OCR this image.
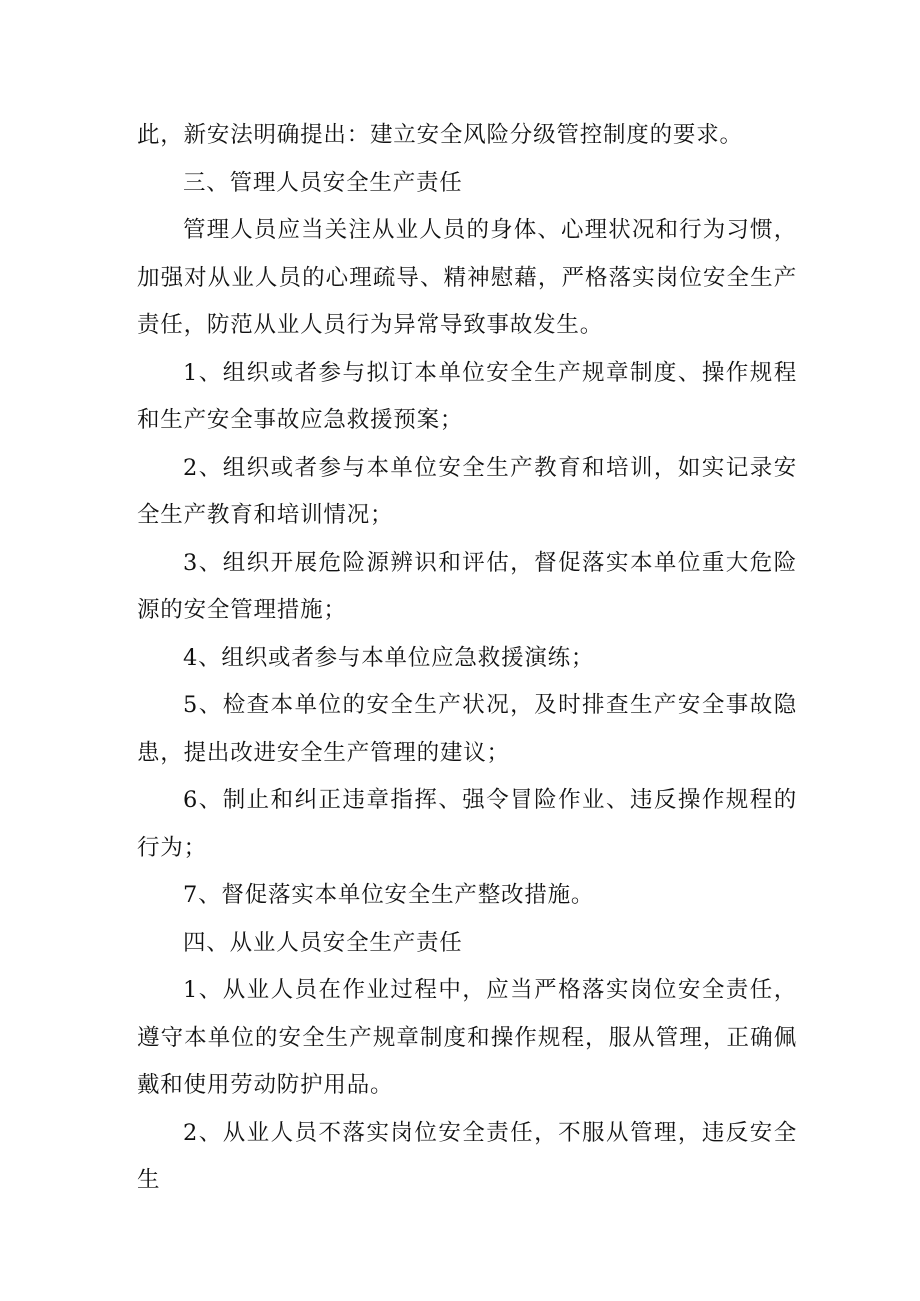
此，新安法明确提出：建立安全风险分级管控制度的要求。

三、管理人员安全生产责任

管理人员应当关注从业人员的身体、心理状况和行为习惯，加强对从业人员的心理疏导、精神慰藉，严格落实岗位安全生产责任，防范从业人员行为异常导致事故发生。

1、组织或者参与拟订本单位安全生产规章制度、操作规程和生产安全事故应急救援预案；

2、组织或者参与本单位安全生产教育和培训，如实记录安全生产教育和培训情况；

3、组织开展危险源辨识和评估，督促落实本单位重大危险源的安全管理措施；

4、组织或者参与本单位应急救援演练；

5、检查本单位的安全生产状况，及时排查生产安全事故隐患，提出改进安全生产管理的建议；

6、制止和纠正违章指挥、强令冒险作业、违反操作规程的行为；

7、督促落实本单位安全生产整改措施。

四、从业人员安全生产责任

1、从业人员在作业过程中，应当严格落实岗位安全责任，遵守本单位的安全生产规章制度和操作规程，服从管理，正确佩戴和使用劳动防护用品。

2、从业人员不落实岗位安全责任，不服从管理，违反安全生
